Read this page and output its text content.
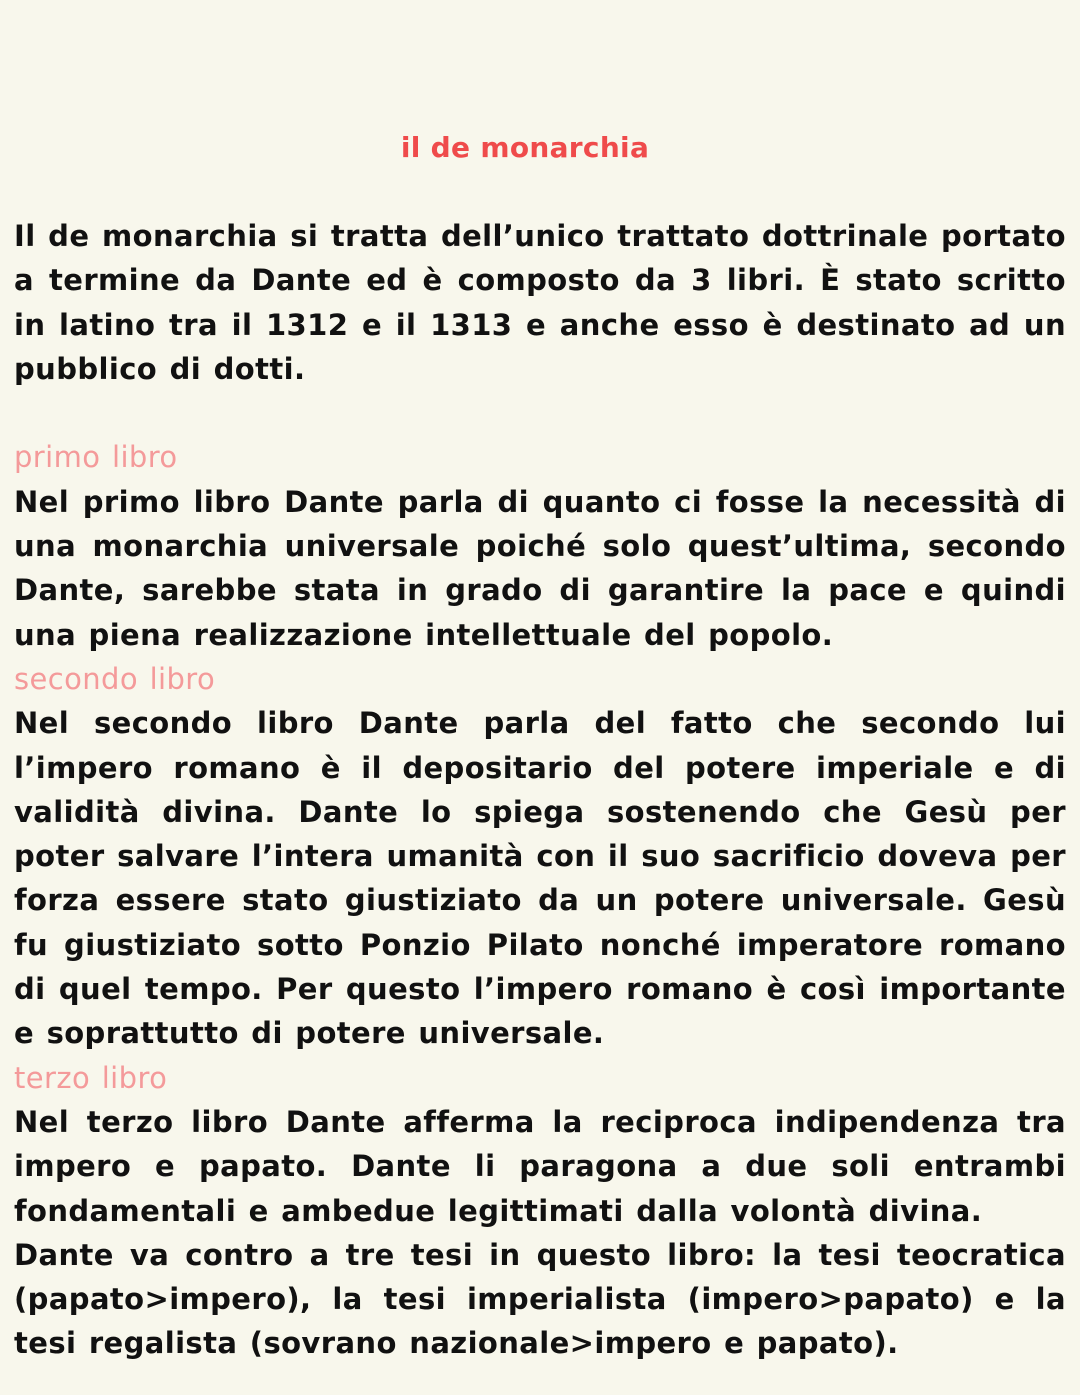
il de monarchia

Il de monarchia si tratta dell’unico trattato dottrinale portato a termine da Dante ed è composto da 3 libri. È stato scritto in latino tra il 1312 e il 1313 e anche esso è destinato ad un pubblico di dotti.

primo libro

Nel primo libro Dante parla di quanto ci fosse la necessità di una monarchia universale poiché solo quest’ultima, secondo Dante, sarebbe stata in grado di garantire la pace e quindi una piena realizzazione intellettuale del popolo.

secondo libro

Nel secondo libro Dante parla del fatto che secondo lui l’impero romano è il depositario del potere imperiale e di validità divina. Dante lo spiega sostenendo che Gesù per poter salvare l’intera umanità con il suo sacrificio doveva per forza essere stato giustiziato da un potere universale. Gesù fu giustiziato sotto Ponzio Pilato nonché imperatore romano di quel tempo. Per questo l’impero romano è così importante e soprattutto di potere universale.

terzo libro

Nel terzo libro Dante afferma la reciproca indipendenza tra impero e papato. Dante li paragona a due soli entrambi fondamentali e ambedue legittimati dalla volontà divina.

Dante va contro a tre tesi in questo libro: la tesi teocratica (papato>impero), la tesi imperialista (impero>papato) e la tesi regalista (sovrano nazionale>impero e papato).
